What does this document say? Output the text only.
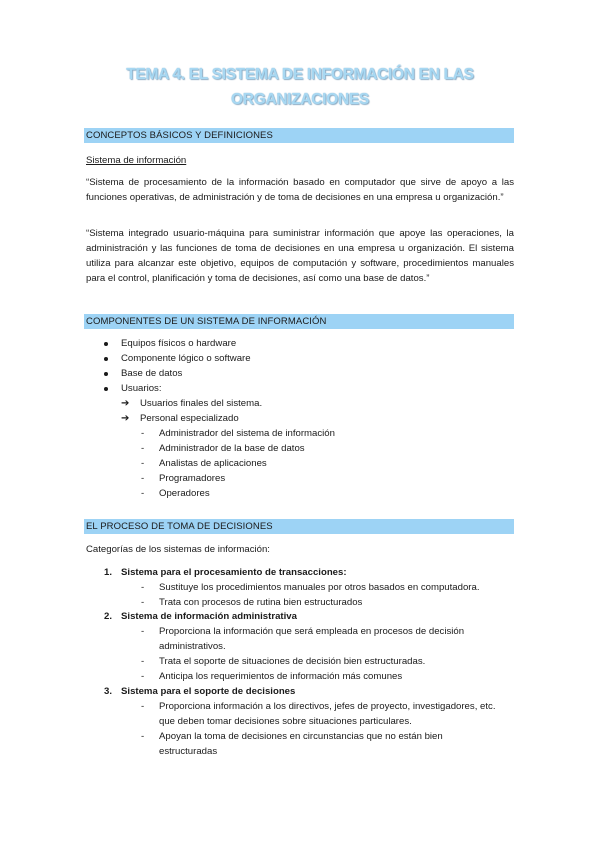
TEMA 4. EL SISTEMA DE INFORMACIÓN EN LAS
ORGANIZACIONES
CONCEPTOS BÁSICOS Y DEFINICIONES
Sistema de información
“Sistema de procesamiento de la información basado en computador que sirve de apoyo a las funciones operativas, de administración y de toma de decisiones en una empresa u organización.”
“Sistema integrado usuario-máquina para suministrar información que apoye las operaciones, la administración y las funciones de toma de decisiones en una empresa u organización. El sistema utiliza para alcanzar este objetivo, equipos de computación y software, procedimientos manuales para el control, planificación y toma de decisiones, así como una base de datos.”
COMPONENTES DE UN SISTEMA DE INFORMACIÓN
Equipos físicos o hardware
Componente lógico o software
Base de datos
Usuarios:
➔ Usuarios finales del sistema.
➔ Personal especializado
- Administrador del sistema de información
- Administrador de la base de datos
- Analistas de aplicaciones
- Programadores
- Operadores
EL PROCESO DE TOMA DE DECISIONES
Categorías de los sistemas de información:
1. Sistema para el procesamiento de transacciones:
- Sustituye los procedimientos manuales por otros basados en computadora.
- Trata con procesos de rutina bien estructurados
2. Sistema de información administrativa
- Proporciona la información que será empleada en procesos de decisión administrativos.
- Trata el soporte de situaciones de decisión bien estructuradas.
- Anticipa los requerimientos de información más comunes
3. Sistema para el soporte de decisiones
- Proporciona información a los directivos, jefes de proyecto, investigadores, etc. que deben tomar decisiones sobre situaciones particulares.
- Apoyan la toma de decisiones en circunstancias que no están bien estructuradas
